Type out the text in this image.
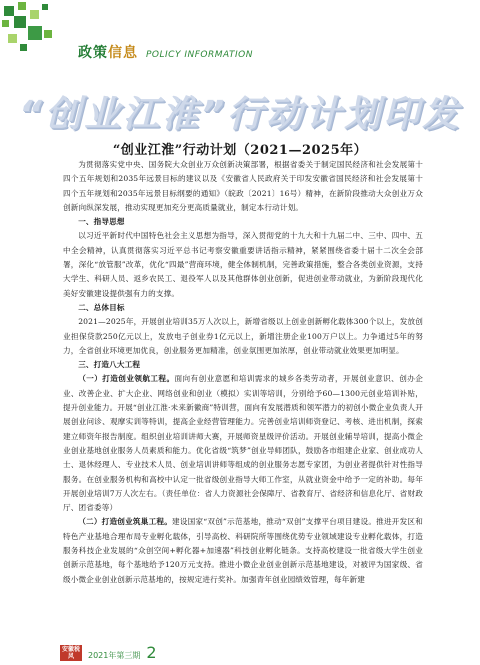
政策信息 POLICY INFORMATION
“创业江淮”行动计划印发
“创业江淮”行动计划（2021—2025年）

为贯彻落实党中央、国务院大众创业万众创新决策部署，根据省委关于制定国民经济和社会发展第十四个五年规划和2035年远景目标的建议以及《安徽省人民政府关于印发安徽省国民经济和社会发展第十四个五年规划和2035年远景目标纲要的通知》（皖政〔2021〕16号）精神，在新阶段推动大众创业万众创新向纵深发展，推动实现更加充分更高质量就业，制定本行动计划。

一、指导思想

以习近平新时代中国特色社会主义思想为指导，深入贯彻党的十九大和十九届二中、三中、四中、五中全会精神，认真贯彻落实习近平总书记考察安徽重要讲话指示精神，紧紧围绕省委十届十二次全会部署，深化“放管服”改革，优化“四最”营商环境，健全体制机制，完善政策措施，整合各类创业资源，支持大学生、科研人员、返乡农民工、退役军人以及其他群体创业创新，促进创业带动就业，为新阶段现代化美好安徽建设提供强有力的支撑。

二、总体目标

2021—2025年，开展创业培训35万人次以上，新增省级以上创业创新孵化载体300个以上，发放创业担保贷款250亿元以上，发放电子创业券1亿元以上，新增注册企业100万户以上。力争通过5年的努力，全省创业环境更加优良，创业服务更加精准，创业氛围更加浓厚，创业带动就业效果更加明显。

三、打造八大工程

（一）打造创业领航工程。面向有创业意愿和培训需求的城乡各类劳动者，开展创业意识、创办企业、改善企业、扩大企业、网络创业和创业（模拟）实训等培训，分别给予60—1300元创业培训补贴，提升创业能力。开展“创业江淮·未来新徽商”特训营，面向有发展潜质和领军潜力的初创小微企业负责人开展创业问诊、观摩实训等特训，提高企业经营管理能力。完善创业培训师资登记、考核、进出机制，探索建立师资年报告制度。组织创业培训讲师大赛，开展师资星级评价活动。开展创业辅导培训，提高小微企业创业基地创业服务人员素质和能力。优化省级“筑梦”创业导师团队，鼓励各市组建企业家、创业成功人士、退休经理人、专业技术人员、创业培训讲师等组成的创业服务志愿专家团，为创业者提供针对性指导服务。在创业服务机构和高校中认定一批省级创业指导大师工作室，从就业资金中给予一定的补助。每年开展创业培训7万人次左右。（责任单位：省人力资源社会保障厅、省教育厅、省经济和信息化厅、省财政厅、团省委等）

（二）打造创业筑巢工程。建设国家“双创”示范基地，推动“双创”支撑平台项目建设。推进开发区和特色产业基地合理布局专业孵化载体，引导高校、科研院所等围绕优势专业领域建设专业孵化载体，打造服务科技企业发展的“众创空间+孵化器+加速器”科技创业孵化链条。支持高校建设一批省级大学生创业创新示范基地，每个基地给予120万元支持。推进小微企业创业创新示范基地建设，对被评为国家级、省级小微企业创业创新示范基地的，按规定进行奖补。加强青年创业园绩效管理，每年新建

安徽税风	2021年第三期 2
